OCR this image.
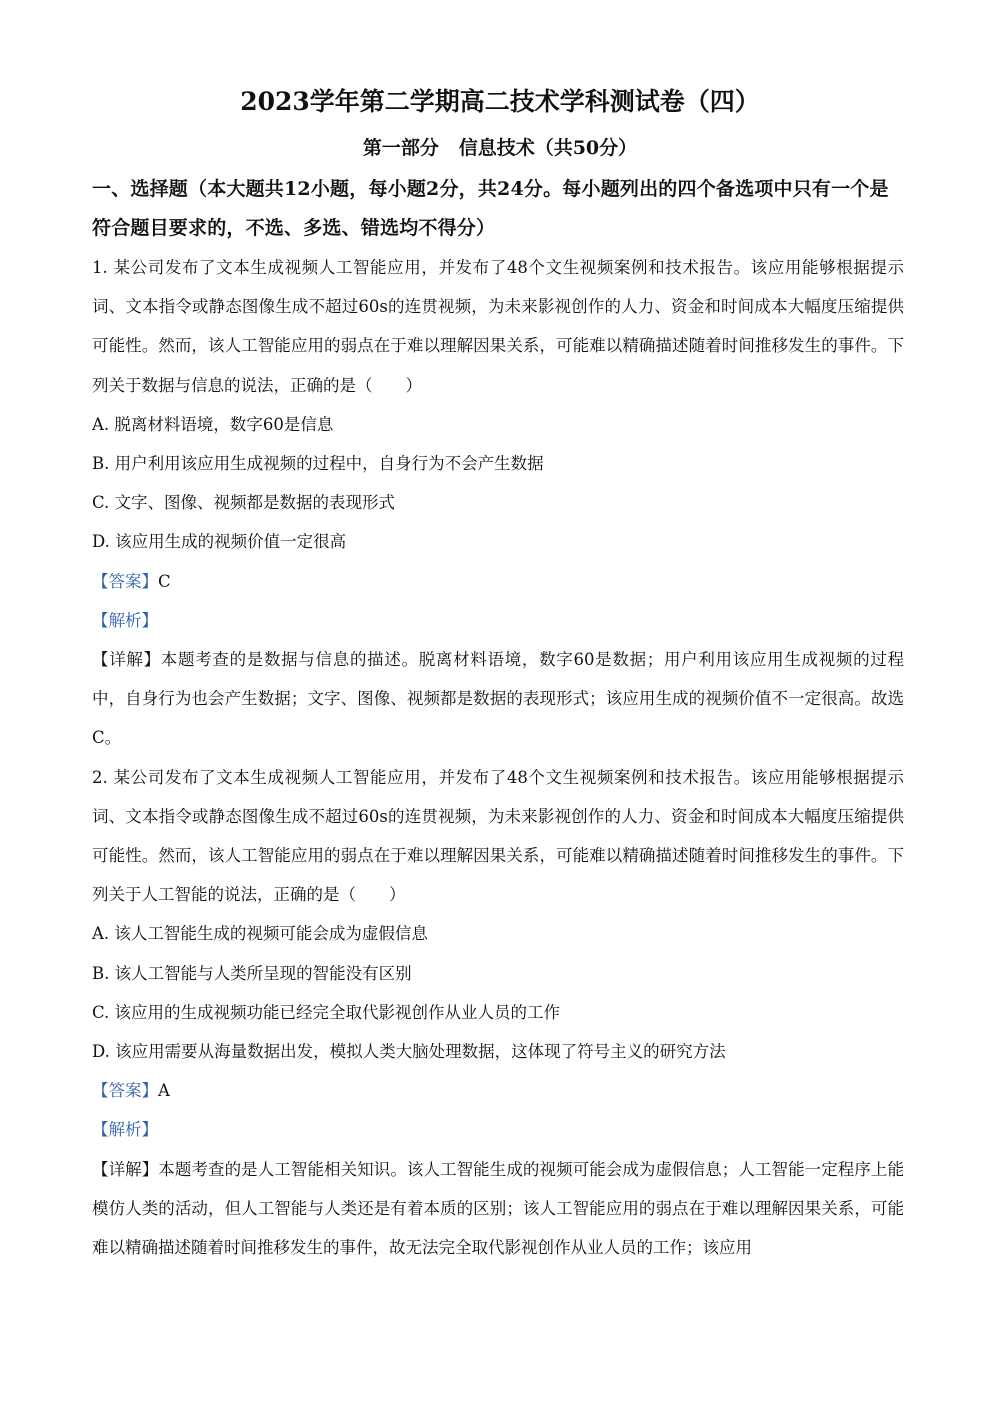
2023学年第二学期高二技术学科测试卷（四）
第一部分   信息技术（共50分）

一、选择题（本大题共12小题，每小题2分，共24分。每小题列出的四个备选项中只有一个是符合题目要求的，不选、多选、错选均不得分）

1. 某公司发布了文本生成视频人工智能应用，并发布了48个文生视频案例和技术报告。该应用能够根据提示词、文本指令或静态图像生成不超过60s的连贯视频，为未来影视创作的人力、资金和时间成本大幅度压缩提供可能性。然而，该人工智能应用的弱点在于难以理解因果关系，可能难以精确描述随着时间推移发生的事件。下列关于数据与信息的说法，正确的是（　　）

A. 脱离材料语境，数字60是信息

B. 用户利用该应用生成视频的过程中，自身行为不会产生数据

C. 文字、图像、视频都是数据的表现形式

D. 该应用生成的视频价值一定很高

【答案】C

【解析】

【详解】本题考查的是数据与信息的描述。脱离材料语境，数字60是数据；用户利用该应用生成视频的过程中，自身行为也会产生数据；文字、图像、视频都是数据的表现形式；该应用生成的视频价值不一定很高。故选C。

2. 某公司发布了文本生成视频人工智能应用，并发布了48个文生视频案例和技术报告。该应用能够根据提示词、文本指令或静态图像生成不超过60s的连贯视频，为未来影视创作的人力、资金和时间成本大幅度压缩提供可能性。然而，该人工智能应用的弱点在于难以理解因果关系，可能难以精确描述随着时间推移发生的事件。下列关于人工智能的说法，正确的是（　　）

A. 该人工智能生成的视频可能会成为虚假信息

B. 该人工智能与人类所呈现的智能没有区别

C. 该应用的生成视频功能已经完全取代影视创作从业人员的工作

D. 该应用需要从海量数据出发，模拟人类大脑处理数据，这体现了符号主义的研究方法

【答案】A

【解析】

【详解】本题考查的是人工智能相关知识。该人工智能生成的视频可能会成为虚假信息；人工智能一定程序上能模仿人类的活动，但人工智能与人类还是有着本质的区别；该人工智能应用的弱点在于难以理解因果关系，可能难以精确描述随着时间推移发生的事件，故无法完全取代影视创作从业人员的工作；该应用
